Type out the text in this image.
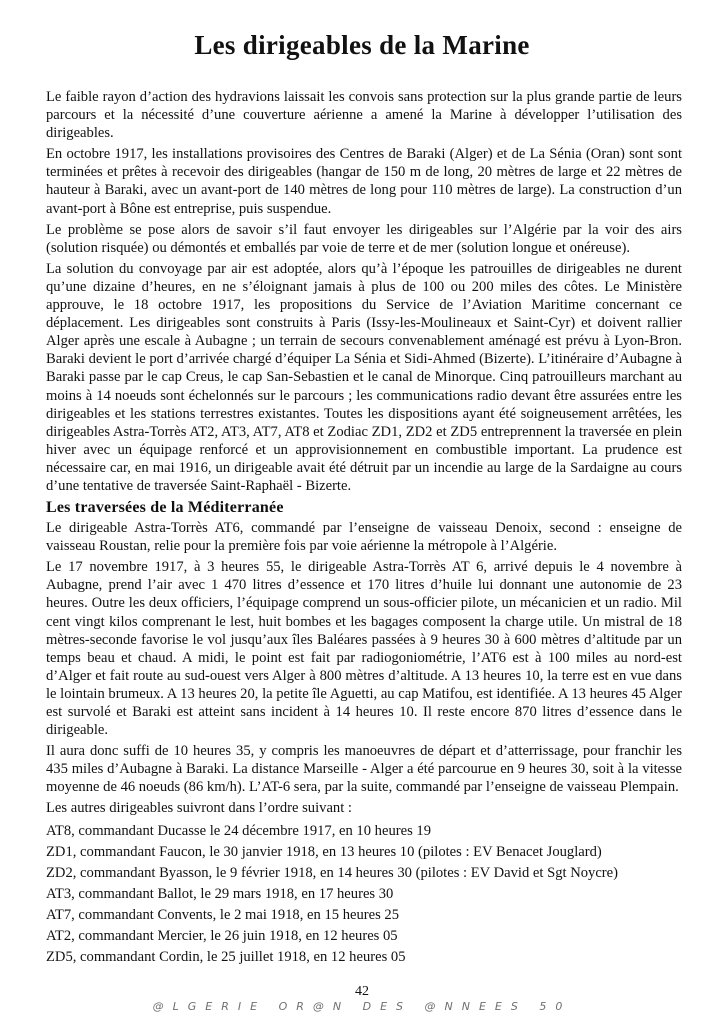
Les dirigeables de la Marine

Le faible rayon d’action des hydravions laissait les convois sans protection sur la plus grande partie de leurs parcours et la nécessité d’une couverture aérienne a amené la Marine à développer l’utilisation des dirigeables.

En octobre 1917, les installations provisoires des Centres de Baraki (Alger) et de La Sénia (Oran) sont sont terminées et prêtes à recevoir des dirigeables (hangar de 150 m de long, 20 mètres de large et 22 mètres de hauteur à Baraki, avec un avant-port de 140 mètres de long pour 110 mètres de large). La construction d’un avant-port à Bône est entreprise, puis suspendue.

Le problème se pose alors de savoir s’il faut envoyer les dirigeables sur l’Algérie par la voir des airs (solution risquée) ou démontés et emballés par voie de terre et de mer (solution longue et onéreuse).

La solution du convoyage par air est adoptée, alors qu’à l’époque les patrouilles de dirigeables ne durent qu’une dizaine d’heures, en ne s’éloignant jamais à plus de 100 ou 200 miles des côtes. Le Ministère approuve, le 18 octobre 1917, les propositions du Service de l’Aviation Maritime concernant ce déplacement. Les dirigeables sont construits à Paris (Issy-les-Moulineaux et Saint-Cyr) et doivent rallier Alger après une escale à Aubagne ; un terrain de secours convenablement aménagé est prévu à Lyon-Bron. Baraki devient le port d’arrivée chargé d’équiper La Sénia et Sidi-Ahmed (Bizerte). L’itinéraire d’Aubagne à Baraki passe par le cap Creus, le cap San-Sebastien et le canal de Minorque. Cinq patrouilleurs marchant au moins à 14 noeuds sont échelonnés sur le parcours ; les communications radio devant être assurées entre les dirigeables et les stations terrestres existantes. Toutes les dispositions ayant été soigneusement arrêtées, les dirigeables Astra-Torrès AT2, AT3, AT7, AT8 et Zodiac ZD1, ZD2 et ZD5 entreprennent la traversée en plein hiver avec un équipage renforcé et un approvisionnement en combustible important. La prudence est nécessaire car, en mai 1916, un dirigeable avait été détruit par un incendie au large de la Sardaigne au cours d’une tentative de traversée Saint-Raphaël - Bizerte.

Les traversées de la Méditerranée

Le dirigeable Astra-Torrès AT6, commandé par l’enseigne de vaisseau Denoix, second : enseigne de vaisseau Roustan, relie pour la première fois par voie aérienne la métropole à l’Algérie.

Le 17 novembre 1917, à 3 heures 55, le dirigeable Astra-Torrès AT 6, arrivé depuis le 4 novembre à Aubagne, prend l’air avec 1 470 litres d’essence et 170 litres d’huile lui donnant une autonomie de 23 heures. Outre les deux officiers, l’équipage comprend un sous-officier pilote, un mécanicien et un radio. Mil cent vingt kilos comprenant le lest, huit bombes et les bagages composent la charge utile. Un mistral de 18 mètres-seconde favorise le vol jusqu’aux îles Baléares passées à 9 heures 30 à 600 mètres d’altitude par un temps beau et chaud. A midi, le point est fait par radiogoniométrie, l’AT6 est à 100 miles au nord-est d’Alger et fait route au sud-ouest vers Alger à 800 mètres d’altitude. A 13 heures 10, la terre est en vue dans le lointain brumeux. A 13 heures 20, la petite île Aguetti, au cap Matifou, est identifiée. A 13 heures 45 Alger est survolé et Baraki est atteint sans incident à 14 heures 10. Il reste encore 870 litres d’essence dans le dirigeable.

Il aura donc suffi de 10 heures 35, y compris les manoeuvres de départ et d’atterrissage, pour franchir les 435 miles d’Aubagne à Baraki. La distance Marseille - Alger a été parcourue en 9 heures 30, soit à la vitesse moyenne de 46 noeuds (86 km/h). L’AT-6 sera, par la suite, commandé par l’enseigne de vaisseau Plempain.

Les autres dirigeables suivront dans l’ordre suivant :

AT8, commandant Ducasse le 24 décembre 1917, en 10 heures 19
ZD1, commandant Faucon, le 30 janvier 1918, en 13 heures 10 (pilotes : EV Benacet Jouglard)
ZD2, commandant Byasson, le 9 février 1918, en 14 heures 30 (pilotes : EV David et Sgt Noycre)
AT3, commandant Ballot, le 29 mars 1918, en 17 heures 30
AT7, commandant Convents, le 2 mai 1918, en 15 heures 25
AT2, commandant Mercier, le 26 juin 1918, en 12 heures 05
ZD5, commandant Cordin, le 25 juillet 1918, en 12 heures 05
42
@LGERIE OR@N DES @NNEES 50
